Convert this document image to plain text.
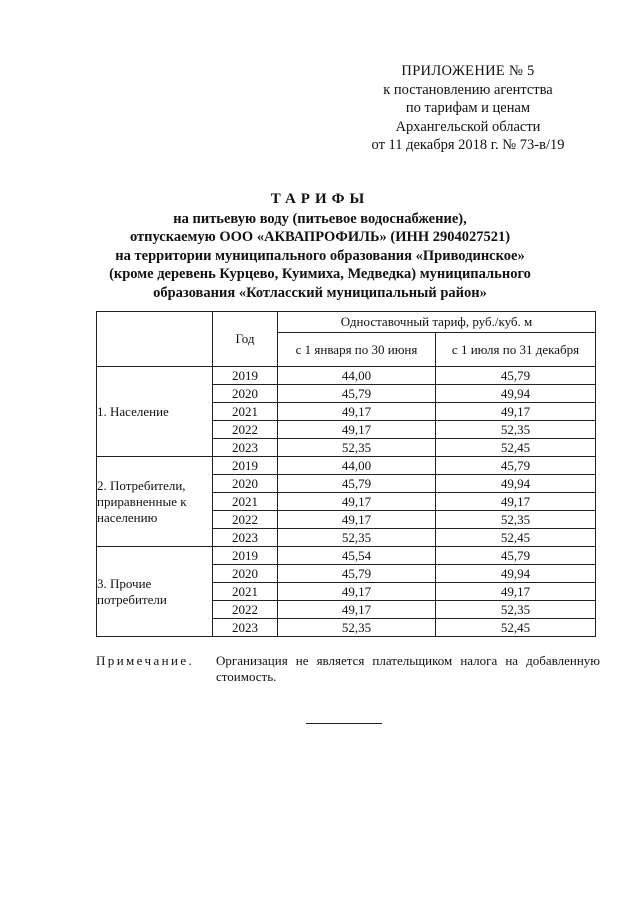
ПРИЛОЖЕНИЕ № 5
к постановлению агентства
по тарифам и ценам
Архангельской области
от 11 декабря 2018 г. № 73-в/19
ТАРИФЫ
на питьевую воду (питьевое водоснабжение),
отпускаемую ООО «АКВАПРОФИЛЬ» (ИНН 2904027521)
на территории муниципального образования «Приводинское»
(кроме деревень Курцево, Куимиха, Медведка) муниципального
образования «Котласский муниципальный район»
	Год	Одноставочный тариф, руб./куб. м	
		с 1 января по 30 июня	с 1 июля по 31 декабря

1. Население	2019	44,00	45,79
	2020	45,79	49,94
	2021	49,17	49,17
	2022	49,17	52,35
	2023	52,35	52,45

2. Потребители,
приравненные к
населению	2019	44,00	45,79
	2020	45,79	49,94
	2021	49,17	49,17
	2022	49,17	52,35
	2023	52,35	52,45

3. Прочие
потребители	2019	45,54	45,79
	2020	45,79	49,94
	2021	49,17	49,17
	2022	49,17	52,35
	2023	52,35	52,45
Примечание. Организация не является плательщиком налога на добавленную стоимость.
